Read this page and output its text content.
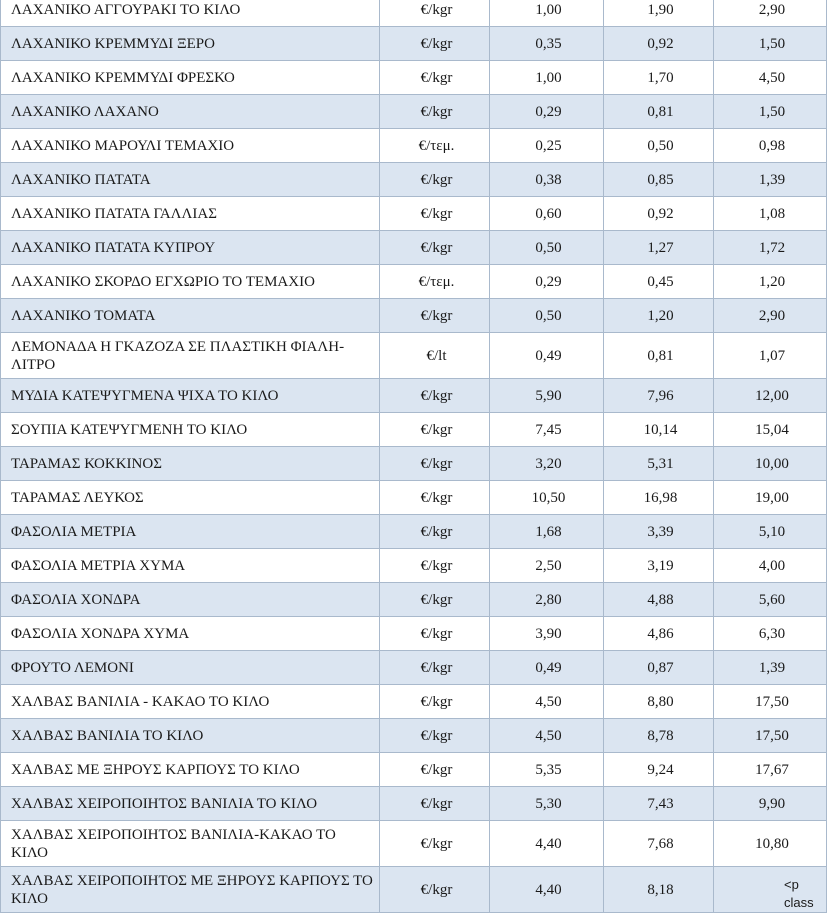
ΛΑΧΑΝΙΚΟ ΑΓΓΟΥΡΑΚΙ ΤΟ ΚΙΛΟ	€/kgr	1,00	1,90	2,90
ΛΑΧΑΝΙΚΟ ΚΡΕΜΜΥΔΙ ΞΕΡΟ	€/kgr	0,35	0,92	1,50
ΛΑΧΑΝΙΚΟ ΚΡΕΜΜΥΔΙ ΦΡΕΣΚΟ	€/kgr	1,00	1,70	4,50
ΛΑΧΑΝΙΚΟ ΛΑΧΑΝΟ	€/kgr	0,29	0,81	1,50
ΛΑΧΑΝΙΚΟ ΜΑΡΟΥΛΙ ΤΕΜΑΧΙΟ	€/τεμ.	0,25	0,50	0,98
ΛΑΧΑΝΙΚΟ ΠΑΤΑΤΑ	€/kgr	0,38	0,85	1,39
ΛΑΧΑΝΙΚΟ ΠΑΤΑΤΑ ΓΑΛΛΙΑΣ	€/kgr	0,60	0,92	1,08
ΛΑΧΑΝΙΚΟ ΠΑΤΑΤΑ ΚΥΠΡΟΥ	€/kgr	0,50	1,27	1,72
ΛΑΧΑΝΙΚΟ ΣΚΟΡΔΟ ΕΓΧΩΡΙΟ ΤΟ ΤΕΜΑΧΙΟ	€/τεμ.	0,29	0,45	1,20
ΛΑΧΑΝΙΚΟ ΤΟΜΑΤΑ	€/kgr	0,50	1,20	2,90
ΛΕΜΟΝΑΔΑ Η ΓΚΑΖΟΖΑ ΣΕ ΠΛΑΣΤΙΚΗ ΦΙΑΛΗ-ΛΙΤΡΟ	€/lt	0,49	0,81	1,07
ΜΥΔΙΑ ΚΑΤΕΨΥΓΜΕΝΑ ΨΙΧΑ ΤΟ ΚΙΛΟ	€/kgr	5,90	7,96	12,00
ΣΟΥΠΙΑ ΚΑΤΕΨΥΓΜΕΝΗ ΤΟ ΚΙΛΟ	€/kgr	7,45	10,14	15,04
ΤΑΡΑΜΑΣ ΚΟΚΚΙΝΟΣ	€/kgr	3,20	5,31	10,00
ΤΑΡΑΜΑΣ ΛΕΥΚΟΣ	€/kgr	10,50	16,98	19,00
ΦΑΣΟΛΙΑ ΜΕΤΡΙΑ	€/kgr	1,68	3,39	5,10
ΦΑΣΟΛΙΑ ΜΕΤΡΙΑ ΧΥΜΑ	€/kgr	2,50	3,19	4,00
ΦΑΣΟΛΙΑ ΧΟΝΔΡΑ	€/kgr	2,80	4,88	5,60
ΦΑΣΟΛΙΑ ΧΟΝΔΡΑ ΧΥΜΑ	€/kgr	3,90	4,86	6,30
ΦΡΟΥΤΟ ΛΕΜΟΝΙ	€/kgr	0,49	0,87	1,39
ΧΑΛΒΑΣ ΒΑΝΙΛΙΑ - ΚΑΚΑΟ ΤΟ ΚΙΛΟ	€/kgr	4,50	8,80	17,50
ΧΑΛΒΑΣ ΒΑΝΙΛΙΑ ΤΟ ΚΙΛΟ	€/kgr	4,50	8,78	17,50
ΧΑΛΒΑΣ ΜΕ ΞΗΡΟΥΣ ΚΑΡΠΟΥΣ ΤΟ ΚΙΛΟ	€/kgr	5,35	9,24	17,67
ΧΑΛΒΑΣ ΧΕΙΡΟΠΟΙΗΤΟΣ ΒΑΝΙΛΙΑ ΤΟ ΚΙΛΟ	€/kgr	5,30	7,43	9,90
ΧΑΛΒΑΣ ΧΕΙΡΟΠΟΙΗΤΟΣ ΒΑΝΙΛΙΑ-ΚΑΚΑΟ ΤΟ ΚΙΛΟ	€/kgr	4,40	7,68	10,80
ΧΑΛΒΑΣ ΧΕΙΡΟΠΟΙΗΤΟΣ ΜΕ ΞΗΡΟΥΣ ΚΑΡΠΟΥΣ ΤΟ ΚΙΛΟ	€/kgr	4,40	8,18	<p class
